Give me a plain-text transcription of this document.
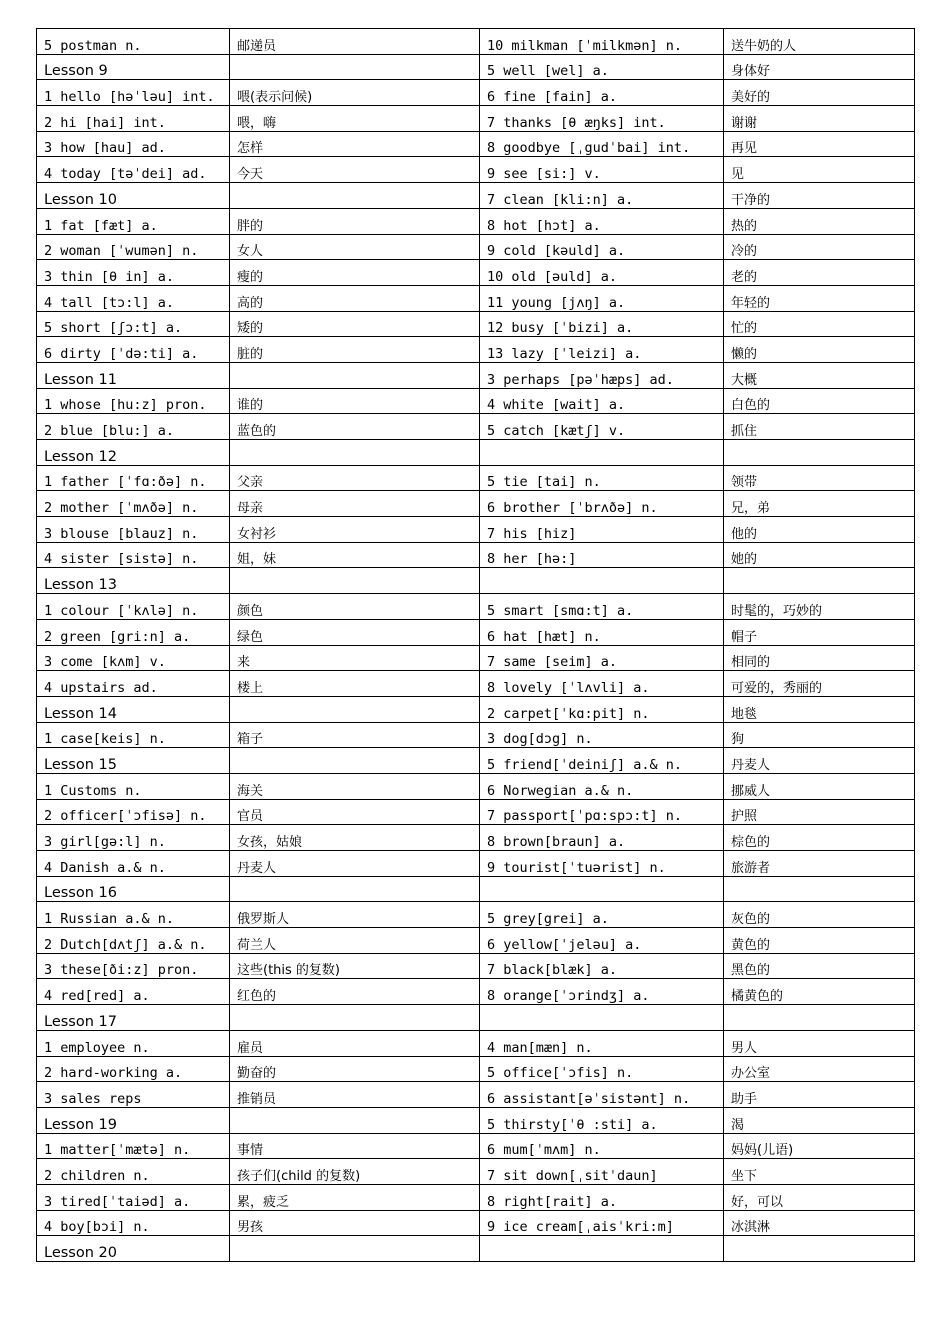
5 postman n.	邮递员	10 milkman [ˈmilkmən] n.	送牛奶的人
Lesson 9		5 well [wel] a.	身体好
1 hello [həˈləu] int.	喂(表示问候)	6 fine [fain] a.	美好的
2 hi [hai] int.	喂，嗨	7 thanks [θ æŋks] int.	谢谢
3 how [hau] ad.	怎样	8 goodbye [ˌgudˈbai] int.	再见
4 today [təˈdei] ad.	今天	9 see [si:] v.	见
Lesson 10		7 clean [kli:n] a.	干净的
1 fat [fæt] a.	胖的	8 hot [hɔt] a.	热的
2 woman [ˈwumən] n.	女人	9 cold [kəuld] a.	冷的
3 thin [θ in] a.	瘦的	10 old [əuld] a.	老的
4 tall [tɔ:l] a.	高的	11 young [jʌŋ] a.	年轻的
5 short [ʃɔ:t] a.	矮的	12 busy [ˈbizi] a.	忙的
6 dirty [ˈdə:ti] a.	脏的	13 lazy [ˈleizi] a.	懒的
Lesson 11		3 perhaps [pəˈhæps] ad.	大概
1 whose [hu:z] pron.	谁的	4 white [wait] a.	白色的
2 blue [blu:] a.	蓝色的	5 catch [kætʃ] v.	抓住
Lesson 12			
1 father [ˈfɑ:ðə] n.	父亲	5 tie [tai] n.	领带
2 mother [ˈmʌðə] n.	母亲	6 brother [ˈbrʌðə] n.	兄，弟
3 blouse [blauz] n.	女衬衫	7 his [hiz]	他的
4 sister [sistə] n.	姐，妹	8 her [hə:]	她的
Lesson 13			
1 colour [ˈkʌlə] n.	颜色	5 smart [smɑ:t] a.	时髦的，巧妙的
2 green [gri:n] a.	绿色	6 hat [hæt] n.	帽子
3 come [kʌm] v.	来	7 same [seim] a.	相同的
4 upstairs ad.	楼上	8 lovely [ˈlʌvli] a.	可爱的，秀丽的
Lesson 14		2 carpet[ˈkɑ:pit] n.	地毯
1 case[keis] n.	箱子	3 dog[dɔg] n.	狗
Lesson 15		5 friend[ˈdeiniʃ] a.& n.	丹麦人
1 Customs n.	海关	6 Norwegian a.& n.	挪威人
2 officer[ˈɔfisə] n.	官员	7 passport[ˈpɑ:spɔ:t] n.	护照
3 girl[gə:l] n.	女孩，姑娘	8 brown[braun] a.	棕色的
4 Danish a.& n.	丹麦人	9 tourist[ˈtuərist] n.	旅游者
Lesson 16			
1 Russian a.& n.	俄罗斯人	5 grey[grei] a.	灰色的
2 Dutch[dʌtʃ] a.& n.	荷兰人	6 yellow[ˈjeləu] a.	黄色的
3 these[ði:z] pron.	这些(this 的复数)	7 black[blæk] a.	黑色的
4 red[red] a.	红色的	8 orange[ˈɔrindʒ] a.	橘黄色的
Lesson 17			
1 employee n.	雇员	4 man[mæn] n.	男人
2 hard-working a.	勤奋的	5 office[ˈɔfis] n.	办公室
3 sales reps	推销员	6 assistant[əˈsistənt] n.	助手
Lesson 19		5 thirsty[ˈθ :sti] a.	渴
1 matter[ˈmætə] n.	事情	6 mum[ˈmʌm] n.	妈妈(儿语)
2 children n.	孩子们(child 的复数)	7 sit down[ˌsitˈdaun]	坐下
3 tired[ˈtaiəd] a.	累，疲乏	8 right[rait] a.	好，可以
4 boy[bɔi] n.	男孩	9 ice cream[ˌaisˈkri:m]	冰淇淋
Lesson 20			
